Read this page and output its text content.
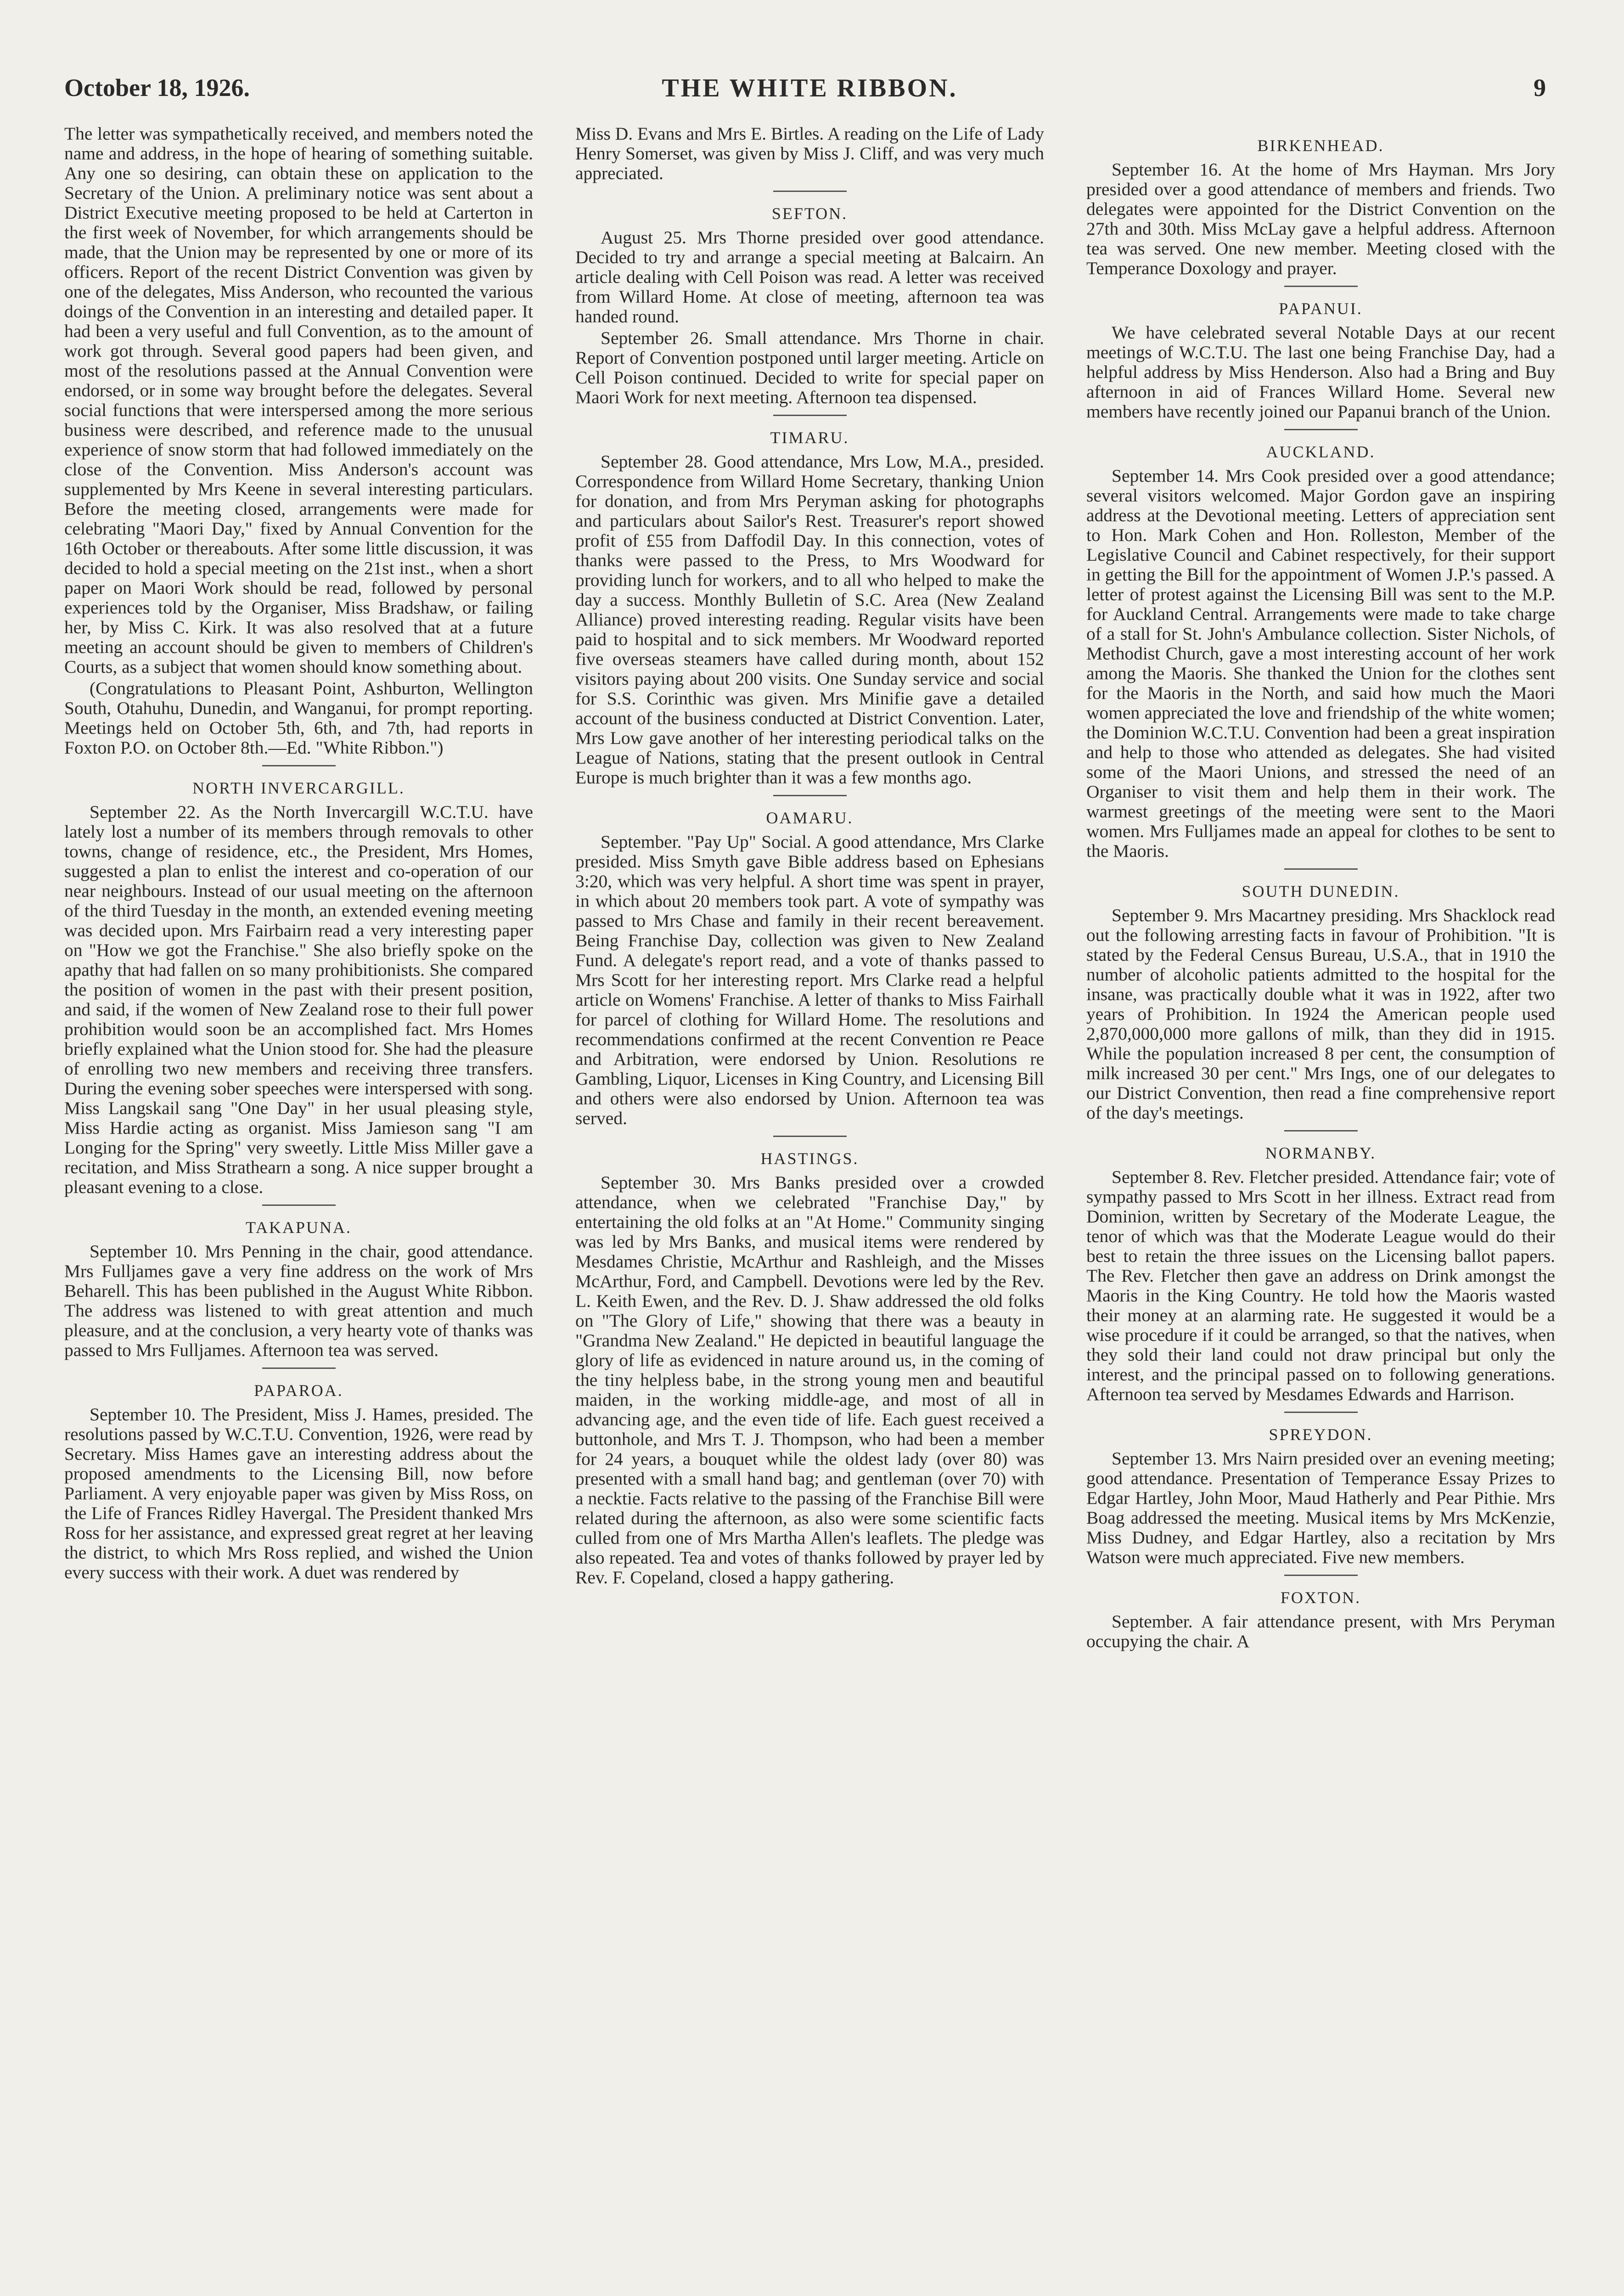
October 18, 1926.	THE WHITE RIBBON.	9

The letter was sympathetically received, and members noted the name and address, in the hope of hearing of something suitable. Any one so desiring, can obtain these on application to the Secretary of the Union. A preliminary notice was sent about a District Executive meeting proposed to be held at Carterton in the first week of November, for which arrangements should be made, that the Union may be represented by one or more of its officers. Report of the recent District Convention was given by one of the delegates, Miss Anderson, who recounted the various doings of the Convention in an interesting and detailed paper. It had been a very useful and full Convention, as to the amount of work got through. Several good papers had been given, and most of the resolutions passed at the Annual Convention were endorsed, or in some way brought before the delegates. Several social functions that were interspersed among the more serious business were described, and reference made to the unusual experience of snow storm that had followed immediately on the close of the Convention. Miss Anderson's account was supplemented by Mrs Keene in several interesting particulars. Before the meeting closed, arrangements were made for celebrating "Maori Day," fixed by Annual Convention for the 16th October or thereabouts. After some little discussion, it was decided to hold a special meeting on the 21st inst., when a short paper on Maori Work should be read, followed by personal experiences told by the Organiser, Miss Bradshaw, or failing her, by Miss C. Kirk. It was also resolved that at a future meeting an account should be given to members of Children's Courts, as a subject that women should know something about.

(Congratulations to Pleasant Point, Ashburton, Wellington South, Otahuhu, Dunedin, and Wanganui, for prompt reporting. Meetings held on October 5th, 6th, and 7th, had reports in Foxton P.O. on October 8th.—Ed. "White Ribbon.")

NORTH INVERCARGILL.

September 22. As the North Invercargill W.C.T.U. have lately lost a number of its members through removals to other towns, change of residence, etc., the President, Mrs Homes, suggested a plan to enlist the interest and co-operation of our near neighbours. Instead of our usual meeting on the afternoon of the third Tuesday in the month, an extended evening meeting was decided upon. Mrs Fairbairn read a very interesting paper on "How we got the Franchise." She also briefly spoke on the apathy that had fallen on so many prohibitionists. She compared the position of women in the past with their present position, and said, if the women of New Zealand rose to their full power prohibition would soon be an accomplished fact. Mrs Homes briefly explained what the Union stood for. She had the pleasure of enrolling two new members and receiving three transfers. During the evening sober speeches were interspersed with song. Miss Langskail sang "One Day" in her usual pleasing style, Miss Hardie acting as organist. Miss Jamieson sang "I am Longing for the Spring" very sweetly. Little Miss Miller gave a recitation, and Miss Strathearn a song. A nice supper brought a pleasant evening to a close.

TAKAPUNA.

September 10. Mrs Penning in the chair, good attendance. Mrs Fulljames gave a very fine address on the work of Mrs Beharell. This has been published in the August White Ribbon. The address was listened to with great attention and much pleasure, and at the conclusion, a very hearty vote of thanks was passed to Mrs Fulljames. Afternoon tea was served.

PAPAROA.

September 10. The President, Miss J. Hames, presided. The resolutions passed by W.C.T.U. Convention, 1926, were read by Secretary. Miss Hames gave an interesting address about the proposed amendments to the Licensing Bill, now before Parliament. A very enjoyable paper was given by Miss Ross, on the Life of Frances Ridley Havergal. The President thanked Mrs Ross for her assistance, and expressed great regret at her leaving the district, to which Mrs Ross replied, and wished the Union every success with their work. A duet was rendered by

Miss D. Evans and Mrs E. Birtles. A reading on the Life of Lady Henry Somerset, was given by Miss J. Cliff, and was very much appreciated.

SEFTON.

August 25. Mrs Thorne presided over good attendance. Decided to try and arrange a special meeting at Balcairn. An article dealing with Cell Poison was read. A letter was received from Willard Home. At close of meeting, afternoon tea was handed round.

September 26. Small attendance. Mrs Thorne in chair. Report of Convention postponed until larger meeting. Article on Cell Poison continued. Decided to write for special paper on Maori Work for next meeting. Afternoon tea dispensed.

TIMARU.

September 28. Good attendance, Mrs Low, M.A., presided. Correspondence from Willard Home Secretary, thanking Union for donation, and from Mrs Peryman asking for photographs and particulars about Sailor's Rest. Treasurer's report showed profit of £55 from Daffodil Day. In this connection, votes of thanks were passed to the Press, to Mrs Woodward for providing lunch for workers, and to all who helped to make the day a success. Monthly Bulletin of S.C. Area (New Zealand Alliance) proved interesting reading. Regular visits have been paid to hospital and to sick members. Mr Woodward reported five overseas steamers have called during month, about 152 visitors paying about 200 visits. One Sunday service and social for S.S. Corinthic was given. Mrs Minifie gave a detailed account of the business conducted at District Convention. Later, Mrs Low gave another of her interesting periodical talks on the League of Nations, stating that the present outlook in Central Europe is much brighter than it was a few months ago.

OAMARU.

September. "Pay Up" Social. A good attendance, Mrs Clarke presided. Miss Smyth gave Bible address based on Ephesians 3:20, which was very helpful. A short time was spent in prayer, in which about 20 members took part. A vote of sympathy was passed to Mrs Chase and family in their recent bereavement. Being Franchise Day, collection was given to New Zealand Fund. A delegate's report read, and a vote of thanks passed to Mrs Scott for her interesting report. Mrs Clarke read a helpful article on Womens' Franchise. A letter of thanks to Miss Fairhall for parcel of clothing for Willard Home. The resolutions and recommendations confirmed at the recent Convention re Peace and Arbitration, were endorsed by Union. Resolutions re Gambling, Liquor, Licenses in King Country, and Licensing Bill and others were also endorsed by Union. Afternoon tea was served.

HASTINGS.

September 30. Mrs Banks presided over a crowded attendance, when we celebrated "Franchise Day," by entertaining the old folks at an "At Home." Community singing was led by Mrs Banks, and musical items were rendered by Mesdames Christie, McArthur and Rashleigh, and the Misses McArthur, Ford, and Campbell. Devotions were led by the Rev. L. Keith Ewen, and the Rev. D. J. Shaw addressed the old folks on "The Glory of Life," showing that there was a beauty in "Grandma New Zealand." He depicted in beautiful language the glory of life as evidenced in nature around us, in the coming of the tiny helpless babe, in the strong young men and beautiful maiden, in the working middle-age, and most of all in advancing age, and the even tide of life. Each guest received a buttonhole, and Mrs T. J. Thompson, who had been a member for 24 years, a bouquet while the oldest lady (over 80) was presented with a small hand bag; and gentleman (over 70) with a necktie. Facts relative to the passing of the Franchise Bill were related during the afternoon, as also were some scientific facts culled from one of Mrs Martha Allen's leaflets. The pledge was also repeated. Tea and votes of thanks followed by prayer led by Rev. F. Copeland, closed a happy gathering.

BIRKENHEAD.

September 16. At the home of Mrs Hayman. Mrs Jory presided over a good attendance of members and friends. Two delegates were appointed for the District Convention on the 27th and 30th. Miss McLay gave a helpful address. Afternoon tea was served. One new member. Meeting closed with the Temperance Doxology and prayer.

PAPANUI.

We have celebrated several Notable Days at our recent meetings of W.C.T.U. The last one being Franchise Day, had a helpful address by Miss Henderson. Also had a Bring and Buy afternoon in aid of Frances Willard Home. Several new members have recently joined our Papanui branch of the Union.

AUCKLAND.

September 14. Mrs Cook presided over a good attendance; several visitors welcomed. Major Gordon gave an inspiring address at the Devotional meeting. Letters of appreciation sent to Hon. Mark Cohen and Hon. Rolleston, Member of the Legislative Council and Cabinet respectively, for their support in getting the Bill for the appointment of Women J.P.'s passed. A letter of protest against the Licensing Bill was sent to the M.P. for Auckland Central. Arrangements were made to take charge of a stall for St. John's Ambulance collection. Sister Nichols, of Methodist Church, gave a most interesting account of her work among the Maoris. She thanked the Union for the clothes sent for the Maoris in the North, and said how much the Maori women appreciated the love and friendship of the white women; the Dominion W.C.T.U. Convention had been a great inspiration and help to those who attended as delegates. She had visited some of the Maori Unions, and stressed the need of an Organiser to visit them and help them in their work. The warmest greetings of the meeting were sent to the Maori women. Mrs Fulljames made an appeal for clothes to be sent to the Maoris.

SOUTH DUNEDIN.

September 9. Mrs Macartney presiding. Mrs Shacklock read out the following arresting facts in favour of Prohibition. "It is stated by the Federal Census Bureau, U.S.A., that in 1910 the number of alcoholic patients admitted to the hospital for the insane, was practically double what it was in 1922, after two years of Prohibition. In 1924 the American people used 2,870,000,000 more gallons of milk, than they did in 1915. While the population increased 8 per cent, the consumption of milk increased 30 per cent." Mrs Ings, one of our delegates to our District Convention, then read a fine comprehensive report of the day's meetings.

NORMANBY.

September 8. Rev. Fletcher presided. Attendance fair; vote of sympathy passed to Mrs Scott in her illness. Extract read from Dominion, written by Secretary of the Moderate League, the tenor of which was that the Moderate League would do their best to retain the three issues on the Licensing ballot papers. The Rev. Fletcher then gave an address on Drink amongst the Maoris in the King Country. He told how the Maoris wasted their money at an alarming rate. He suggested it would be a wise procedure if it could be arranged, so that the natives, when they sold their land could not draw principal but only the interest, and the principal passed on to following generations. Afternoon tea served by Mesdames Edwards and Harrison.

SPREYDON.

September 13. Mrs Nairn presided over an evening meeting; good attendance. Presentation of Temperance Essay Prizes to Edgar Hartley, John Moor, Maud Hatherly and Pear Pithie. Mrs Boag addressed the meeting. Musical items by Mrs McKenzie, Miss Dudney, and Edgar Hartley, also a recitation by Mrs Watson were much appreciated. Five new members.

FOXTON.

September. A fair attendance present, with Mrs Peryman occupying the chair. A
